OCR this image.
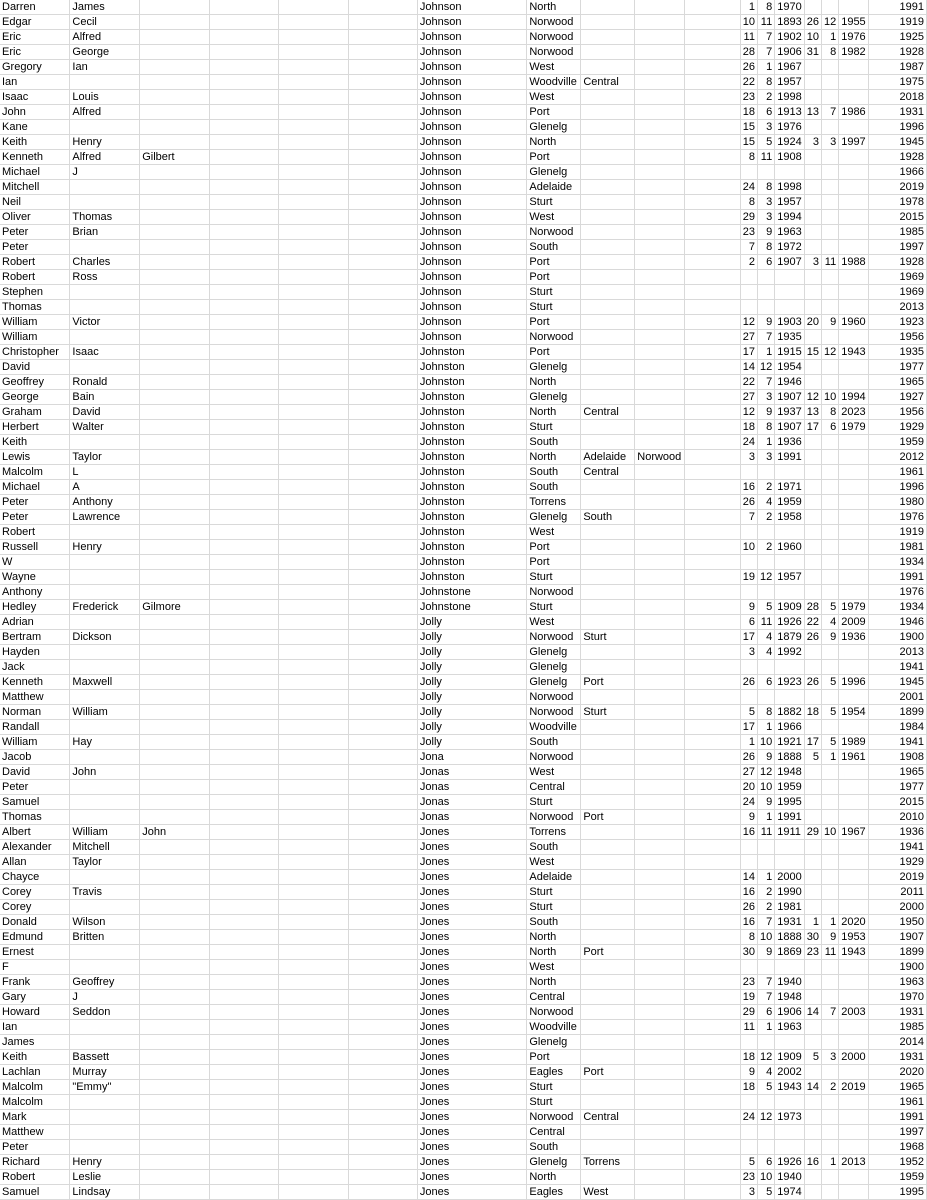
Darren	James					Johnson	North				1	8	1970				1991
Edgar	Cecil					Johnson	Norwood				10	11	1893	26	12	1955	1919
Eric	Alfred					Johnson	Norwood				11	7	1902	10	1	1976	1925
Eric	George					Johnson	Norwood				28	7	1906	31	8	1982	1928
Gregory	Ian					Johnson	West				26	1	1967				1987
Ian						Johnson	Woodville	Central			22	8	1957				1975
Isaac	Louis					Johnson	West				23	2	1998				2018
John	Alfred					Johnson	Port				18	6	1913	13	7	1986	1931
Kane						Johnson	Glenelg				15	3	1976				1996
Keith	Henry					Johnson	North				15	5	1924	3	3	1997	1945
Kenneth	Alfred	Gilbert				Johnson	Port				8	11	1908				1928
Michael	J					Johnson	Glenelg										1966
Mitchell						Johnson	Adelaide				24	8	1998				2019
Neil						Johnson	Sturt				8	3	1957				1978
Oliver	Thomas					Johnson	West				29	3	1994				2015
Peter	Brian					Johnson	Norwood				23	9	1963				1985
Peter						Johnson	South				7	8	1972				1997
Robert	Charles					Johnson	Port				2	6	1907	3	11	1988	1928
Robert	Ross					Johnson	Port										1969
Stephen						Johnson	Sturt										1969
Thomas						Johnson	Sturt										2013
William	Victor					Johnson	Port				12	9	1903	20	9	1960	1923
William						Johnson	Norwood				27	7	1935				1956
Christopher	Isaac					Johnston	Port				17	1	1915	15	12	1943	1935
David						Johnston	Glenelg				14	12	1954				1977
Geoffrey	Ronald					Johnston	North				22	7	1946				1965
George	Bain					Johnston	Glenelg				27	3	1907	12	10	1994	1927
Graham	David					Johnston	North	Central			12	9	1937	13	8	2023	1956
Herbert	Walter					Johnston	Sturt				18	8	1907	17	6	1979	1929
Keith						Johnston	South				24	1	1936				1959
Lewis	Taylor					Johnston	North	Adelaide	Norwood		3	3	1991				2012
Malcolm	L					Johnston	South	Central									1961
Michael	A					Johnston	South				16	2	1971				1996
Peter	Anthony					Johnston	Torrens				26	4	1959				1980
Peter	Lawrence					Johnston	Glenelg	South			7	2	1958				1976
Robert						Johnston	West										1919
Russell	Henry					Johnston	Port				10	2	1960				1981
W						Johnston	Port										1934
Wayne						Johnston	Sturt				19	12	1957				1991
Anthony						Johnstone	Norwood										1976
Hedley	Frederick	Gilmore				Johnstone	Sturt				9	5	1909	28	5	1979	1934
Adrian						Jolly	West				6	11	1926	22	4	2009	1946
Bertram	Dickson					Jolly	Norwood	Sturt			17	4	1879	26	9	1936	1900
Hayden						Jolly	Glenelg				3	4	1992				2013
Jack						Jolly	Glenelg										1941
Kenneth	Maxwell					Jolly	Glenelg	Port			26	6	1923	26	5	1996	1945
Matthew						Jolly	Norwood										2001
Norman	William					Jolly	Norwood	Sturt			5	8	1882	18	5	1954	1899
Randall						Jolly	Woodville				17	1	1966				1984
William	Hay					Jolly	South				1	10	1921	17	5	1989	1941
Jacob						Jona	Norwood				26	9	1888	5	1	1961	1908
David	John					Jonas	West				27	12	1948				1965
Peter						Jonas	Central				20	10	1959				1977
Samuel						Jonas	Sturt				24	9	1995				2015
Thomas						Jonas	Norwood	Port			9	1	1991				2010
Albert	William	John				Jones	Torrens				16	11	1911	29	10	1967	1936
Alexander	Mitchell					Jones	South										1941
Allan	Taylor					Jones	West										1929
Chayce						Jones	Adelaide				14	1	2000				2019
Corey	Travis					Jones	Sturt				16	2	1990				2011
Corey						Jones	Sturt				26	2	1981				2000
Donald	Wilson					Jones	South				16	7	1931	1	1	2020	1950
Edmund	Britten					Jones	North				8	10	1888	30	9	1953	1907
Ernest						Jones	North	Port			30	9	1869	23	11	1943	1899
F						Jones	West										1900
Frank	Geoffrey					Jones	North				23	7	1940				1963
Gary	J					Jones	Central				19	7	1948				1970
Howard	Seddon					Jones	Norwood				29	6	1906	14	7	2003	1931
Ian						Jones	Woodville				11	1	1963				1985
James						Jones	Glenelg										2014
Keith	Bassett					Jones	Port				18	12	1909	5	3	2000	1931
Lachlan	Murray					Jones	Eagles	Port			9	4	2002				2020
Malcolm	"Emmy"					Jones	Sturt				18	5	1943	14	2	2019	1965
Malcolm						Jones	Sturt										1961
Mark						Jones	Norwood	Central			24	12	1973				1991
Matthew						Jones	Central										1997
Peter						Jones	South										1968
Richard	Henry					Jones	Glenelg	Torrens			5	6	1926	16	1	2013	1952
Robert	Leslie					Jones	North				23	10	1940				1959
Samuel	Lindsay					Jones	Eagles	West			3	5	1974				1995
